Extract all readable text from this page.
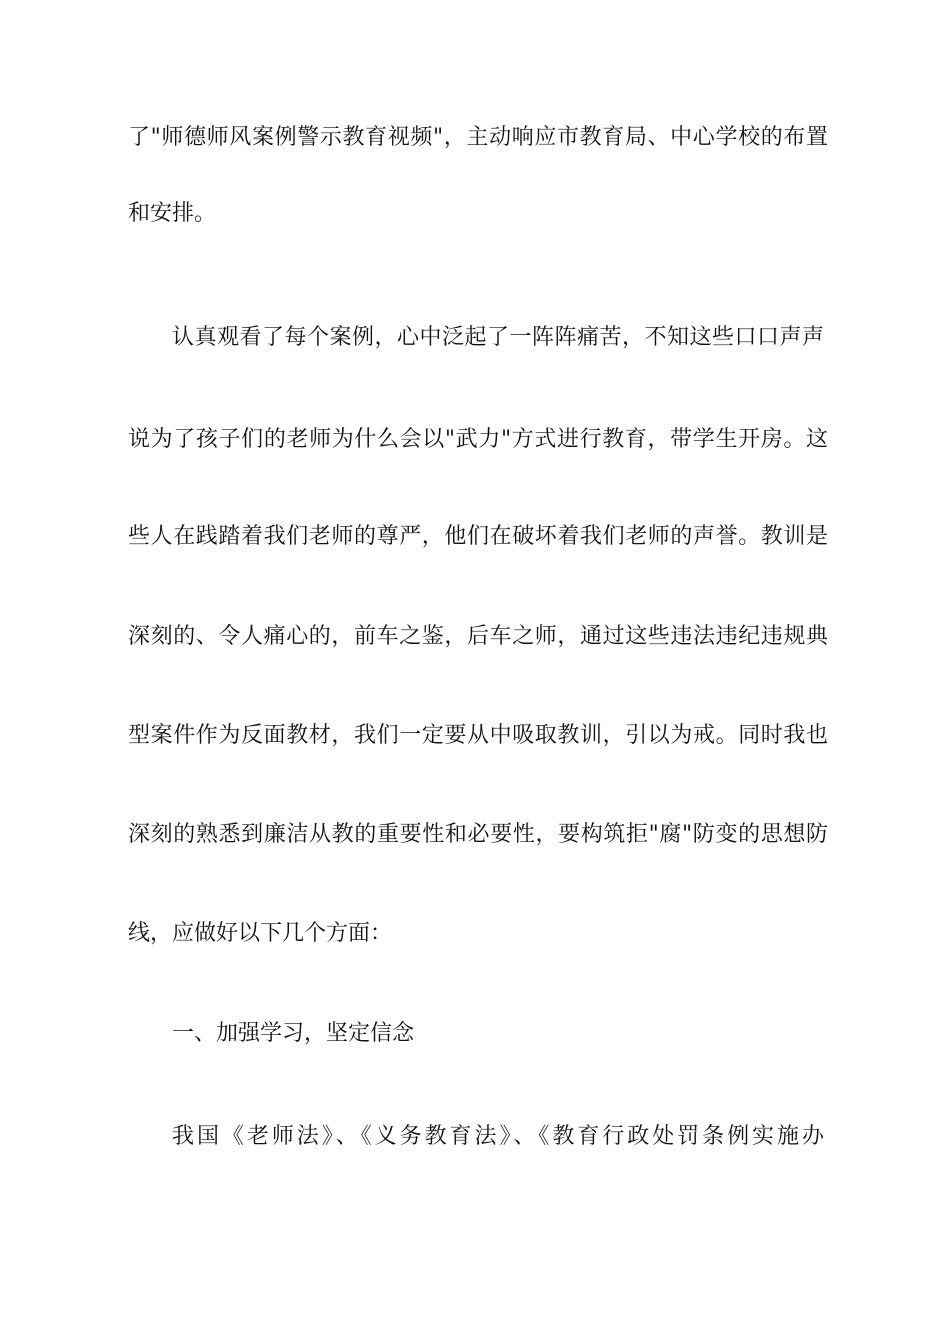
了"师德师风案例警示教育视频"，主动响应市教育局、中心学校的布置
和安排。
认真观看了每个案例，心中泛起了一阵阵痛苦，不知这些口口声声
说为了孩子们的老师为什么会以"武力"方式进行教育，带学生开房。这
些人在践踏着我们老师的尊严，他们在破坏着我们老师的声誉。教训是
深刻的、令人痛心的，前车之鉴，后车之师，通过这些违法违纪违规典
型案件作为反面教材，我们一定要从中吸取教训，引以为戒。同时我也
深刻的熟悉到廉洁从教的重要性和必要性，要构筑拒"腐"防变的思想防
线，应做好以下几个方面：
一、加强学习，坚定信念
我国《老师法》、《义务教育法》、《教育行政处罚条例实施办
